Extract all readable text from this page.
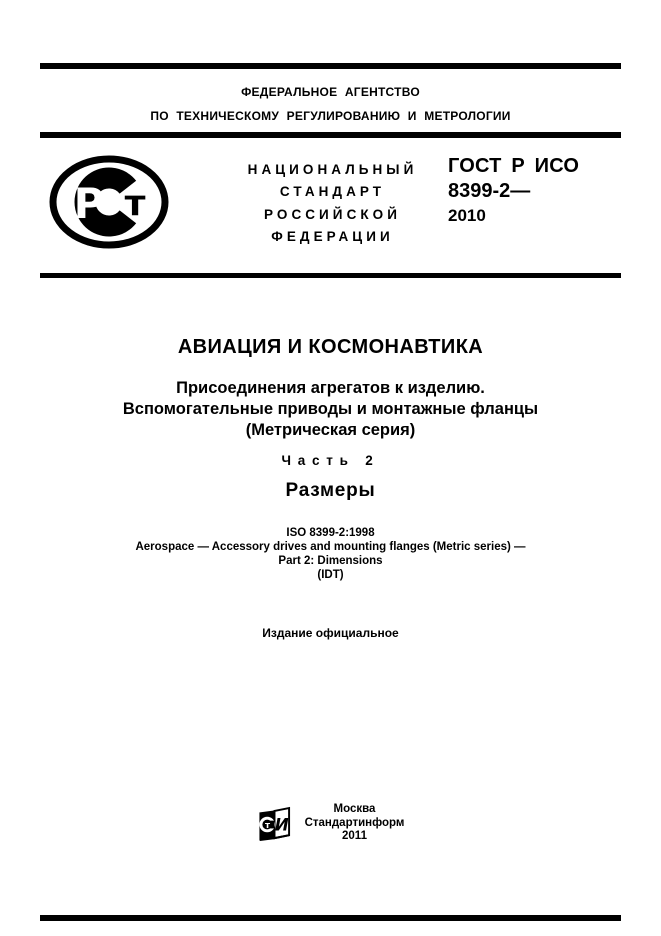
ФЕДЕРАЛЬНОЕ АГЕНТСТВО
ПО ТЕХНИЧЕСКОМУ РЕГУЛИРОВАНИЮ И МЕТРОЛОГИИ
Р т
НАЦИОНАЛЬНЫЙ
СТАНДАРТ
РОССИЙСКОЙ
ФЕДЕРАЦИИ
ГОСТ Р ИСО
8399-2—
2010
АВИАЦИЯ И КОСМОНАВТИКА
Присоединения агрегатов к изделию.
Вспомогательные приводы и монтажные фланцы
(Метрическая серия)
Часть 2
Размеры
ISO 8399-2:1998
Aerospace — Accessory drives and mounting flanges (Metric series) —
Part 2: Dimensions
(IDT)
Издание официальное
т И
Москва
Стандартинформ
2011
